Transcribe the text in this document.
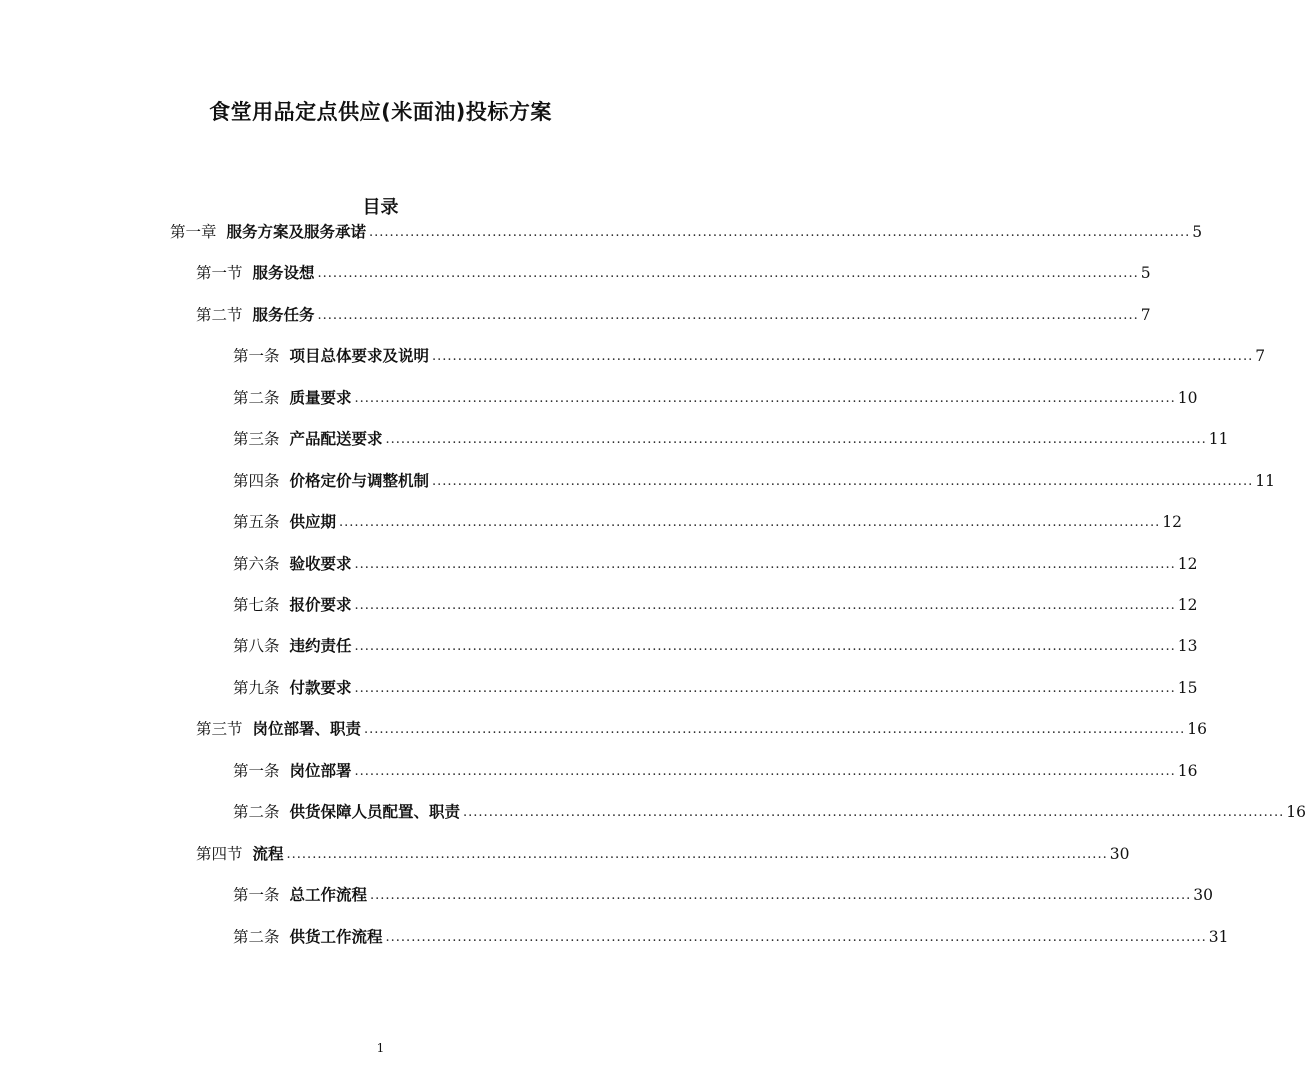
食堂用品定点供应(米面油)投标方案
目录
第一章 服务方案及服务承诺 ................................................................................................................................................................ 5
第一节 服务设想 ................................................................................................................................................................ 5
第二节 服务任务 ................................................................................................................................................................ 7
第一条 项目总体要求及说明 ................................................................................................................................................................ 7
第二条 质量要求 ................................................................................................................................................................ 10
第三条 产品配送要求 ................................................................................................................................................................ 11
第四条 价格定价与调整机制 ................................................................................................................................................................ 11
第五条 供应期 ................................................................................................................................................................ 12
第六条 验收要求 ................................................................................................................................................................ 12
第七条 报价要求 ................................................................................................................................................................ 12
第八条 违约责任 ................................................................................................................................................................ 13
第九条 付款要求 ................................................................................................................................................................ 15
第三节 岗位部署、职责 ................................................................................................................................................................ 16
第一条 岗位部署 ................................................................................................................................................................ 16
第二条 供货保障人员配置、职责 ................................................................................................................................................................ 16
第四节 流程 ................................................................................................................................................................ 30
第一条 总工作流程 ................................................................................................................................................................ 30
第二条 供货工作流程 ................................................................................................................................................................ 31
1
